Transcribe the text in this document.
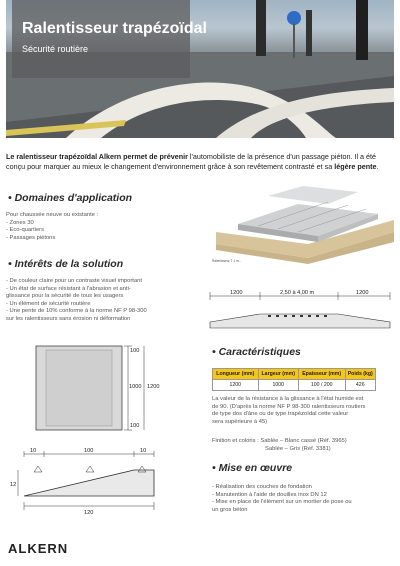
Ralentisseur trapézoïdal
Sécurité routière
Le ralentisseur trapézoïdal Alkern permet de prévenir l'automobiliste de la présence d'un passage piéton. Il a été conçu pour marquer au mieux le changement d'environnement grâce à son revêtement contrasté et sa légère pente.
• Domaines d'application
Pour chaussée neuve ou existante :
- Zones 30
- Eco-quartiers
- Passages piétons
• Intérêts de la solution
- De couleur claire pour un contraste visuel important
- Un état de surface résistant à l'abrasion et anti-
glissance pour la sécurité de tous les usagers
- Un élément de sécurité routière
- Une pente de 10% conforme à la norme NF P 98-300
sur les ralentisseurs sans érosion ni déformation
Ralentisseur T 1 m...
1200	2,50 à 4,00 m	1200
100
1000
100
1200
10	100	10
12
120
• Caractéristiques
Longueur (mm)	Largeur (mm)	Epaisseur (mm)	Poids (kg)
1200	1000	100 / 200	426
La valeur de la résistance à la glissance à l'état humide est
de 90. (D'après la norme NF P 98-300 ralentisseurs routiers
de type dos d'âne ou de type trapézoïdal cette valeur
sera supérieure à 45)
Finition et coloris : Sablée – Blanc cassé (Réf. 3965)
Sablée – Gris (Réf. 3381)
• Mise en œuvre
- Réalisation des couches de fondation
- Manutention à l'aide de douilles inox DN 12
- Mise en place de l'élément sur un mortier de pose ou
un gros béton
ALKERN
